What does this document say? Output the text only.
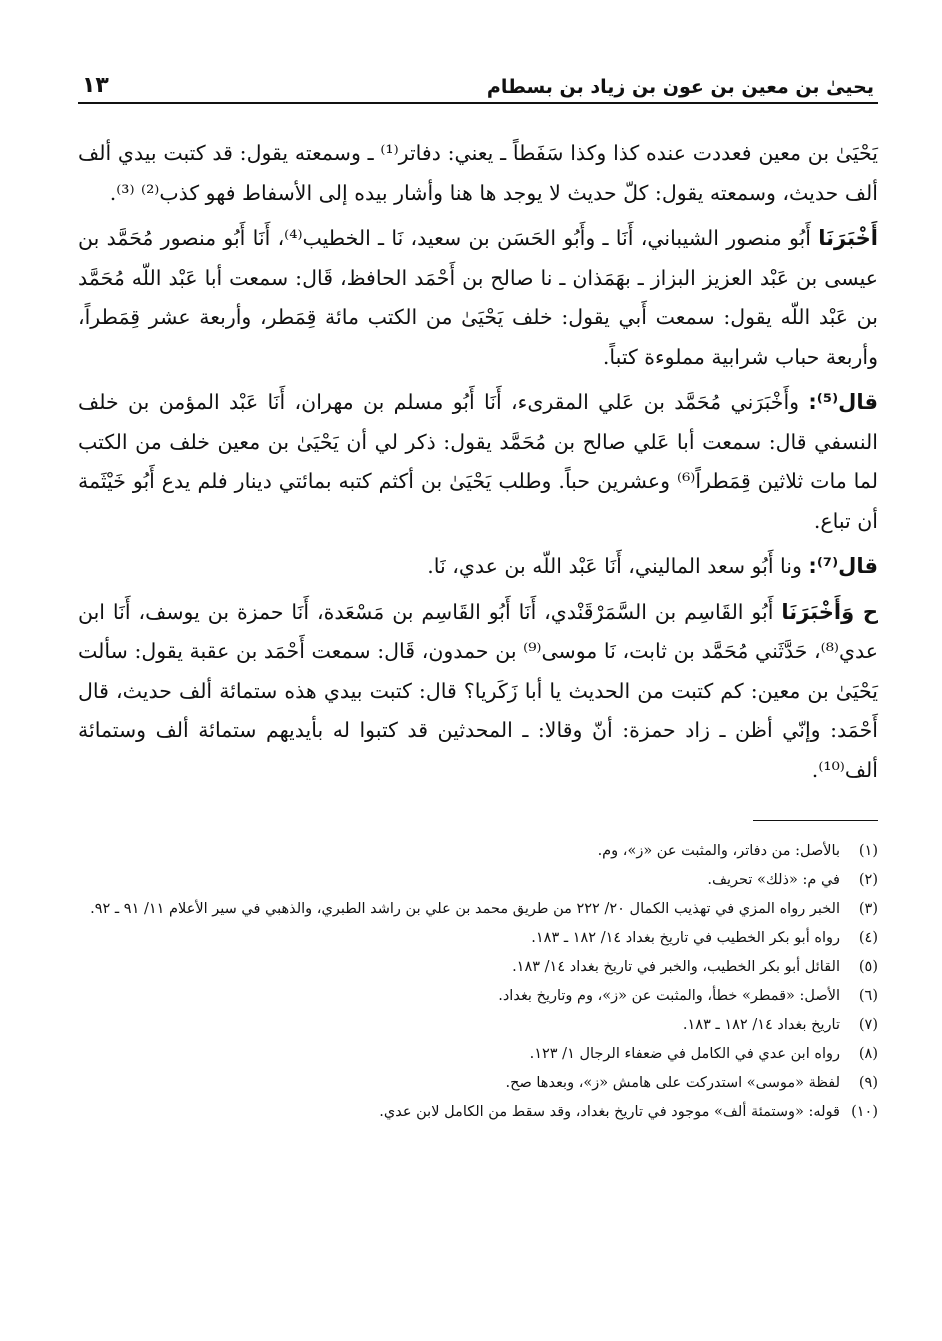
يحيىٰ بن معين بن عون بن زياد بن بسطام
١٣

يَحْيَىٰ بن معين فعددت عنده كذا وكذا سَفَطاً ـ يعني: دفاتر⁽¹⁾ ـ وسمعته يقول: قد كتبت بيدي ألف ألف حديث، وسمعته يقول: كلّ حديث لا يوجد ها هنا وأشار بيده إلى الأسفاط فهو كذب⁽²⁾ ⁽³⁾.

أَخْبَرَنَا أَبُو منصور الشيباني، أَنَا ـ وأَبُو الحَسَن بن سعيد، نَا ـ الخطيب⁽⁴⁾، أَنَا أَبُو منصور مُحَمَّد بن عيسى بن عَبْد العزيز البزاز ـ بهَمَذان ـ نا صالح بن أَحْمَد الحافظ، قَال: سمعت أبا عَبْد اللّه مُحَمَّد بن عَبْد اللّه يقول: سمعت أَبي يقول: خلف يَحْيَىٰ من الكتب مائة قِمَطر، وأربعة عشر قِمَطراً، وأربعة حباب شرابية مملوءة كتباً.

قال⁽⁵⁾: وأَخْبَرَني مُحَمَّد بن عَلي المقرىء، أَنَا أَبُو مسلم بن مهران، أَنَا عَبْد المؤمن بن خلف النسفي قال: سمعت أبا عَلي صالح بن مُحَمَّد يقول: ذكر لي أن يَحْيَىٰ بن معين خلف من الكتب لما مات ثلاثين قِمَطراً⁽⁶⁾ وعشرين حباً. وطلب يَحْيَىٰ بن أكثم كتبه بمائتي دينار فلم يدع أَبُو خَيْثَمة أن تباع.

قال⁽⁷⁾: ونا أَبُو سعد الماليني، أَنَا عَبْد اللّه بن عدي، نَا.

ح وَأَخْبَرَنَا أَبُو القَاسِم بن السَّمَرْقَنْدي، أَنَا أَبُو القَاسِم بن مَسْعَدة، أَنَا حمزة بن يوسف، أَنَا ابن عدي⁽⁸⁾، حَدَّثَني مُحَمَّد بن ثابت، نَا موسى⁽⁹⁾ بن حمدون، قَال: سمعت أَحْمَد بن عقبة يقول: سألت يَحْيَىٰ بن معين: كم كتبت من الحديث يا أبا زَكَريا؟ قال: كتبت بيدي هذه ستمائة ألف حديث، قال أَحْمَد: وإنّي أظن ـ زاد حمزة: أنّ وقالا: ـ المحدثين قد كتبوا له بأيديهم ستمائة ألف وستمائة ألف⁽¹⁰⁾.

(١)
بالأصل: من دفاتر، والمثبت عن «ز»، وم.
(٢)
في م: «ذلك» تحريف.
(٣)
الخبر رواه المزي في تهذيب الكمال ٢٠/ ٢٢٢ من طريق محمد بن علي بن راشد الطبري، والذهبي في سير الأعلام ١١/ ٩١ ـ ٩٢.
(٤)
رواه أبو بكر الخطيب في تاريخ بغداد ١٤/ ١٨٢ ـ ١٨٣.
(٥)
القائل أبو بكر الخطيب، والخبر في تاريخ بغداد ١٤/ ١٨٣.
(٦)
الأصل: «قمطر» خطأ، والمثبت عن «ز»، وم وتاريخ بغداد.
(٧)
تاريخ بغداد ١٤/ ١٨٢ ـ ١٨٣.
(٨)
رواه ابن عدي في الكامل في ضعفاء الرجال ١/ ١٢٣.
(٩)
لفظة «موسى» استدركت على هامش «ز»، وبعدها صح.
(١٠)
قوله: «وستمئة ألف» موجود في تاريخ بغداد، وقد سقط من الكامل لابن عدي.
